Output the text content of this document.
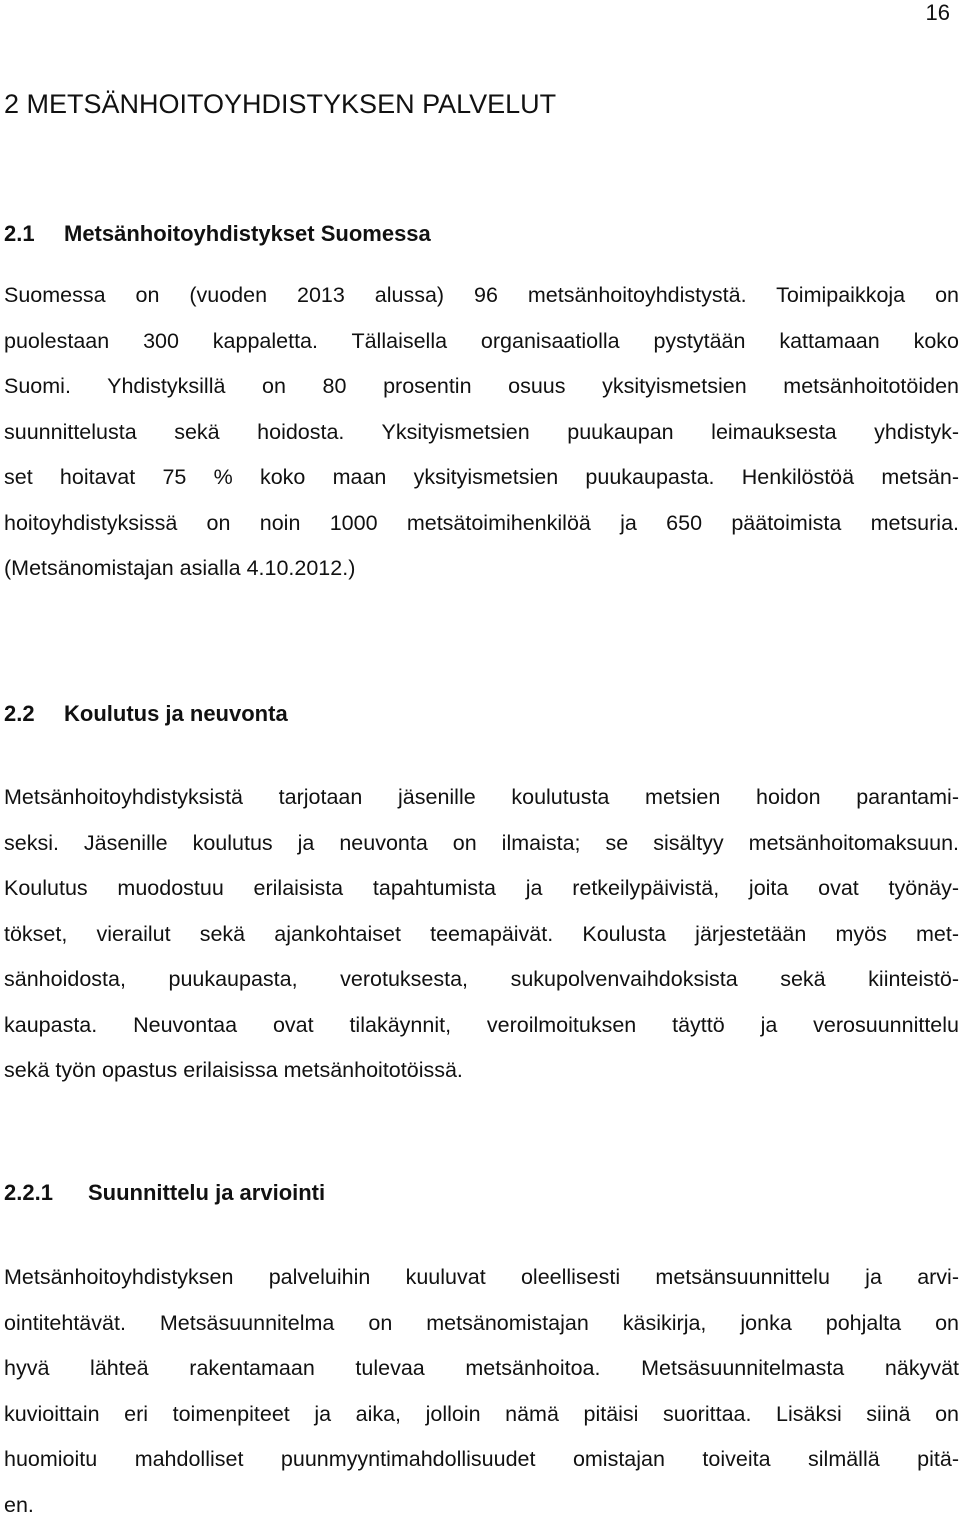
16
2 METSÄNHOITOYHDISTYKSEN PALVELUT
2.1 Metsänhoitoyhdistykset Suomessa
Suomessa on (vuoden 2013 alussa) 96 metsänhoitoyhdistystä. Toimipaikkoja on
puolestaan 300 kappaletta. Tällaisella organisaatiolla pystytään kattamaan koko
Suomi. Yhdistyksillä on 80 prosentin osuus yksityismetsien metsänhoitotöiden
suunnittelusta sekä hoidosta. Yksityismetsien puukaupan leimauksesta yhdistyk-
set hoitavat 75 % koko maan yksityismetsien puukaupasta. Henkilöstöä metsän-
hoitoyhdistyksissä on noin 1000 metsätoimihenkilöä ja 650 päätoimista metsuria.
(Metsänomistajan asialla 4.10.2012.)
2.2 Koulutus ja neuvonta
Metsänhoitoyhdistyksistä tarjotaan jäsenille koulutusta metsien hoidon parantami-
seksi. Jäsenille koulutus ja neuvonta on ilmaista; se sisältyy metsänhoitomaksuun.
Koulutus muodostuu erilaisista tapahtumista ja retkeilypäivistä, joita ovat työnäy-
tökset, vierailut sekä ajankohtaiset teemapäivät. Koulusta järjestetään myös met-
sänhoidosta, puukaupasta, verotuksesta, sukupolvenvaihdoksista sekä kiinteistö-
kaupasta. Neuvontaa ovat tilakäynnit, veroilmoituksen täyttö ja verosuunnittelu
sekä työn opastus erilaisissa metsänhoitotöissä.
2.2.1 Suunnittelu ja arviointi
Metsänhoitoyhdistyksen palveluihin kuuluvat oleellisesti metsänsuunnittelu ja arvi-
ointitehtävät. Metsäsuunnitelma on metsänomistajan käsikirja, jonka pohjalta on
hyvä lähteä rakentamaan tulevaa metsänhoitoa. Metsäsuunnitelmasta näkyvät
kuvioittain eri toimenpiteet ja aika, jolloin nämä pitäisi suorittaa. Lisäksi siinä on
huomioitu mahdolliset puunmyyntimahdollisuudet omistajan toiveita silmällä pitä-
en.
